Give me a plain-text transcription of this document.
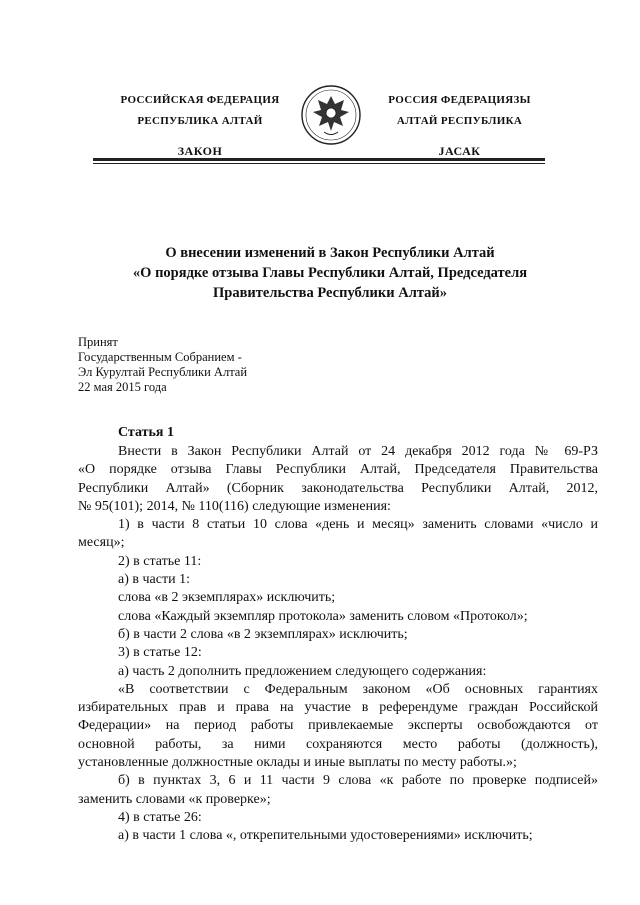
РОССИЙСКАЯ ФЕДЕРАЦИЯ
РЕСПУБЛИКА АЛТАЙ
ЗАКОН
РОССИЯ ФЕДЕРАЦИЯЗЫ
АЛТАЙ РЕСПУБЛИКА
JАСАК
О внесении изменений в Закон Республики Алтай
«О порядке отзыва Главы Республики Алтай, Председателя
Правительства Республики Алтай»
Принят
Государственным Собранием -
Эл Курултай Республики Алтай
22 мая 2015 года
Статья 1

Внести в Закон Республики Алтай от 24 декабря 2012 года № 69-РЗ

«О порядке отзыва Главы Республики Алтай, Председателя Правительства

Республики Алтай» (Сборник законодательства Республики Алтай, 2012,

№ 95(101); 2014, № 110(116) следующие изменения:

1) в части 8 статьи 10 слова «день и месяц» заменить словами «число и

месяц»;

2) в статье 11:

а) в части 1:

слова «в 2 экземплярах» исключить;

слова «Каждый экземпляр протокола» заменить словом «Протокол»;

б) в части 2 слова «в 2 экземплярах» исключить;

3) в статье 12:

а) часть 2 дополнить предложением следующего содержания:

«В соответствии с Федеральным законом «Об основных гарантиях

избирательных прав и права на участие в референдуме граждан Российской

Федерации» на период работы привлекаемые эксперты освобождаются от

основной работы, за ними сохраняются место работы (должность),

установленные должностные оклады и иные выплаты по месту работы.»;

б) в пунктах 3, 6 и 11 части 9 слова «к работе по проверке подписей»

заменить словами «к проверке»;

4) в статье 26:

а) в части 1 слова «, открепительными удостоверениями» исключить;
